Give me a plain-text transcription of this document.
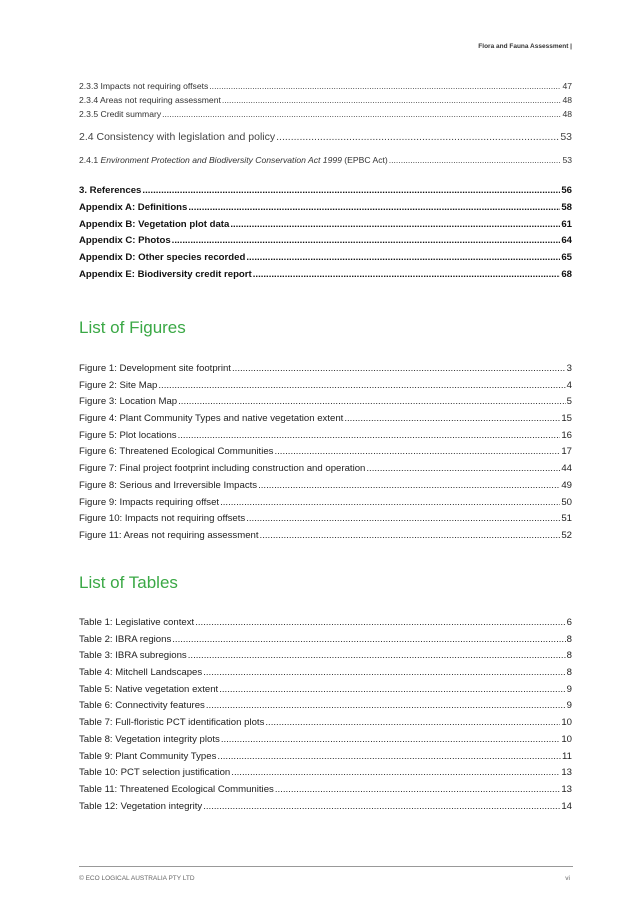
Flora and Fauna Assessment |
2.3.3 Impacts not requiring offsets .....	47
2.3.4 Areas not requiring assessment .....	48
2.3.5 Credit summary .....	48
2.4 Consistency with legislation and policy .....	53
2.4.1 Environment Protection and Biodiversity Conservation Act 1999 (EPBC Act) .....	53
3. References .....	56
Appendix A: Definitions .....	58
Appendix B: Vegetation plot data .....	61
Appendix C: Photos .....	64
Appendix D: Other species recorded .....	65
Appendix E: Biodiversity credit report .....	68
List of Figures
Figure 1: Development site footprint .....	3
Figure 2: Site Map .....	4
Figure 3: Location Map .....	5
Figure 4: Plant Community Types and native vegetation extent .....	15
Figure 5: Plot locations .....	16
Figure 6: Threatened Ecological Communities .....	17
Figure 7: Final project footprint including construction and operation .....	44
Figure 8: Serious and Irreversible Impacts .....	49
Figure 9: Impacts requiring offset .....	50
Figure 10: Impacts not requiring offsets .....	51
Figure 11: Areas not requiring assessment .....	52
List of Tables
Table 1: Legislative context .....	6
Table 2: IBRA regions .....	8
Table 3: IBRA subregions .....	8
Table 4: Mitchell Landscapes .....	8
Table 5: Native vegetation extent .....	9
Table 6: Connectivity features .....	9
Table 7: Full-floristic PCT identification plots .....	10
Table 8: Vegetation integrity plots .....	10
Table 9: Plant Community Types .....	11
Table 10: PCT selection justification .....	13
Table 11: Threatened Ecological Communities .....	13
Table 12: Vegetation integrity .....	14
© ECO LOGICAL AUSTRALIA PTY LTD	vi
